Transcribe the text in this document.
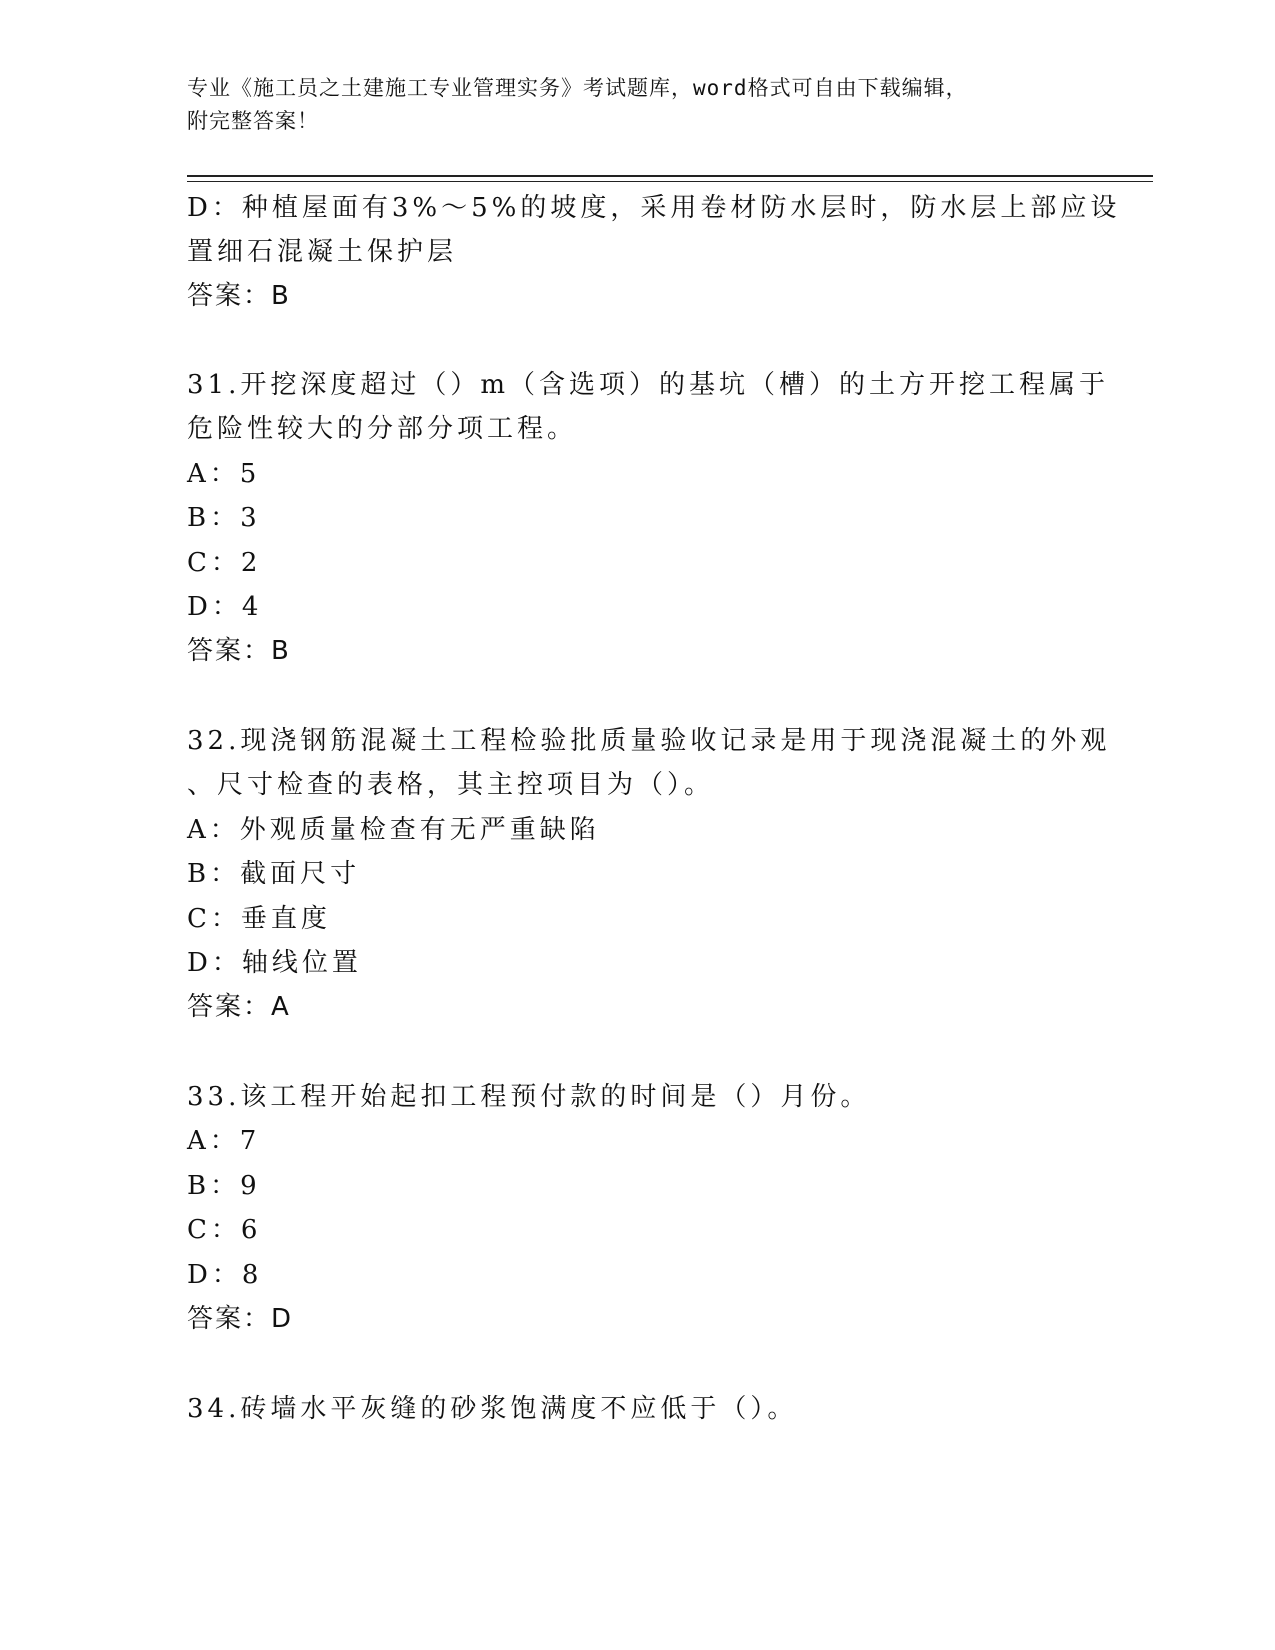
专业《施工员之土建施工专业管理实务》考试题库，word格式可自由下载编辑，
附完整答案！
D：种植屋面有3%～5%的坡度，采用卷材防水层时，防水层上部应设
置细石混凝土保护层
答案：B
31.开挖深度超过（）m（含选项）的基坑（槽）的土方开挖工程属于
危险性较大的分部分项工程。
A：5
B：3
C：2
D：4
答案：B
32.现浇钢筋混凝土工程检验批质量验收记录是用于现浇混凝土的外观
、尺寸检查的表格，其主控项目为（）。
A：外观质量检查有无严重缺陷
B：截面尺寸
C：垂直度
D：轴线位置
答案：A
33.该工程开始起扣工程预付款的时间是（）月份。
A：7
B：9
C：6
D：8
答案：D
34.砖墙水平灰缝的砂浆饱满度不应低于（）。
